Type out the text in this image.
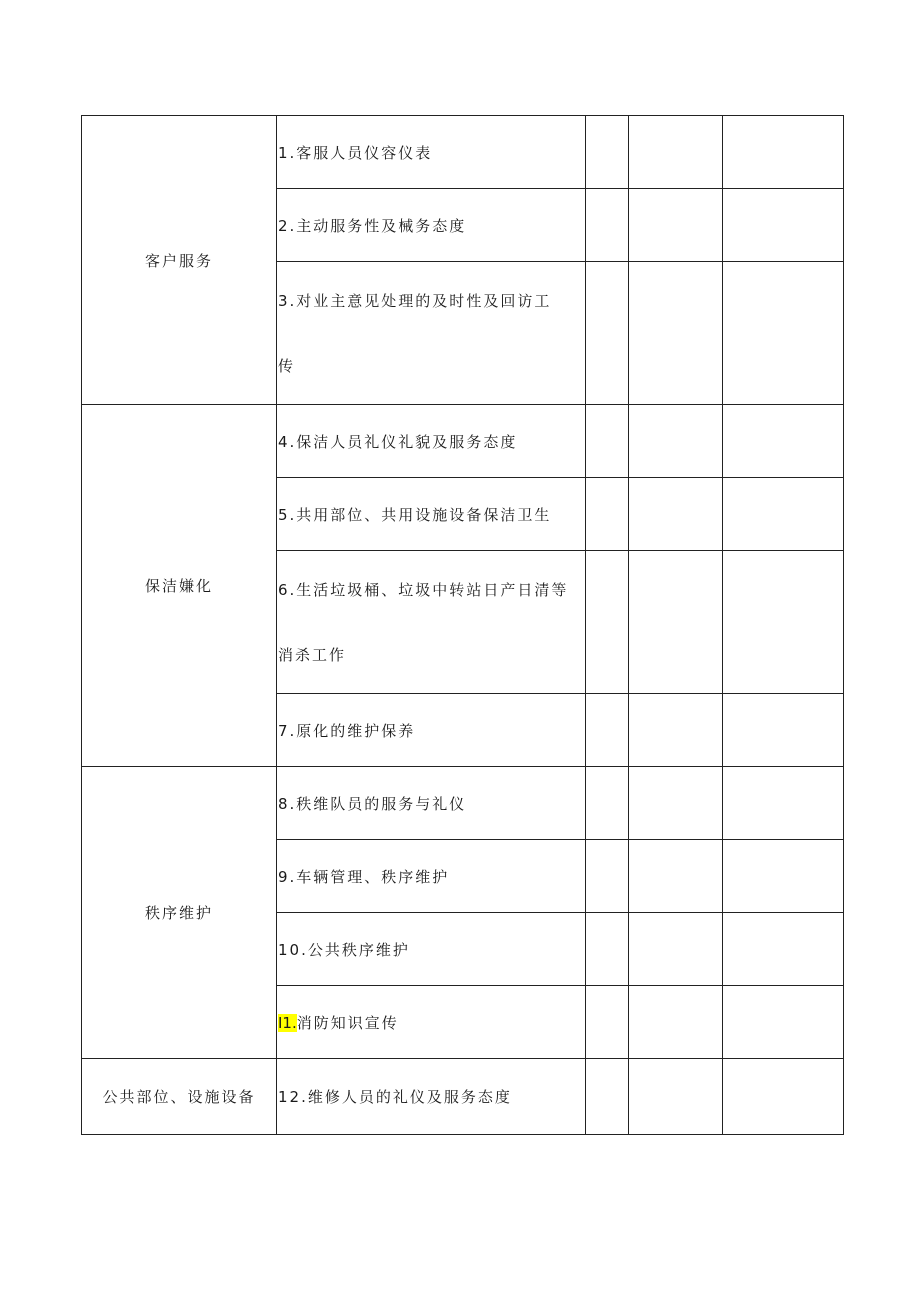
客户服务	1.客服人员仪容仪表			
	2.主动服务性及械务态度			

	3.对业主意见处理的及时性及回访工
传			

保洁嫌化	4.保洁人员礼仪礼貌及服务态度			
	5.共用部位、共用设施设备保洁卫生			

	6.生活垃圾桶、垃圾中转站日产日清等
消杀工作			

	7.原化的维护保养			
秩序维护	8.秩维队员的服务与礼仪			
	9.车辆管理、秩序维护			
	10.公共秩序维护			
	I1.消防知识宣传			
公共部位、设施设备	12.维修人员的礼仪及服务态度			
